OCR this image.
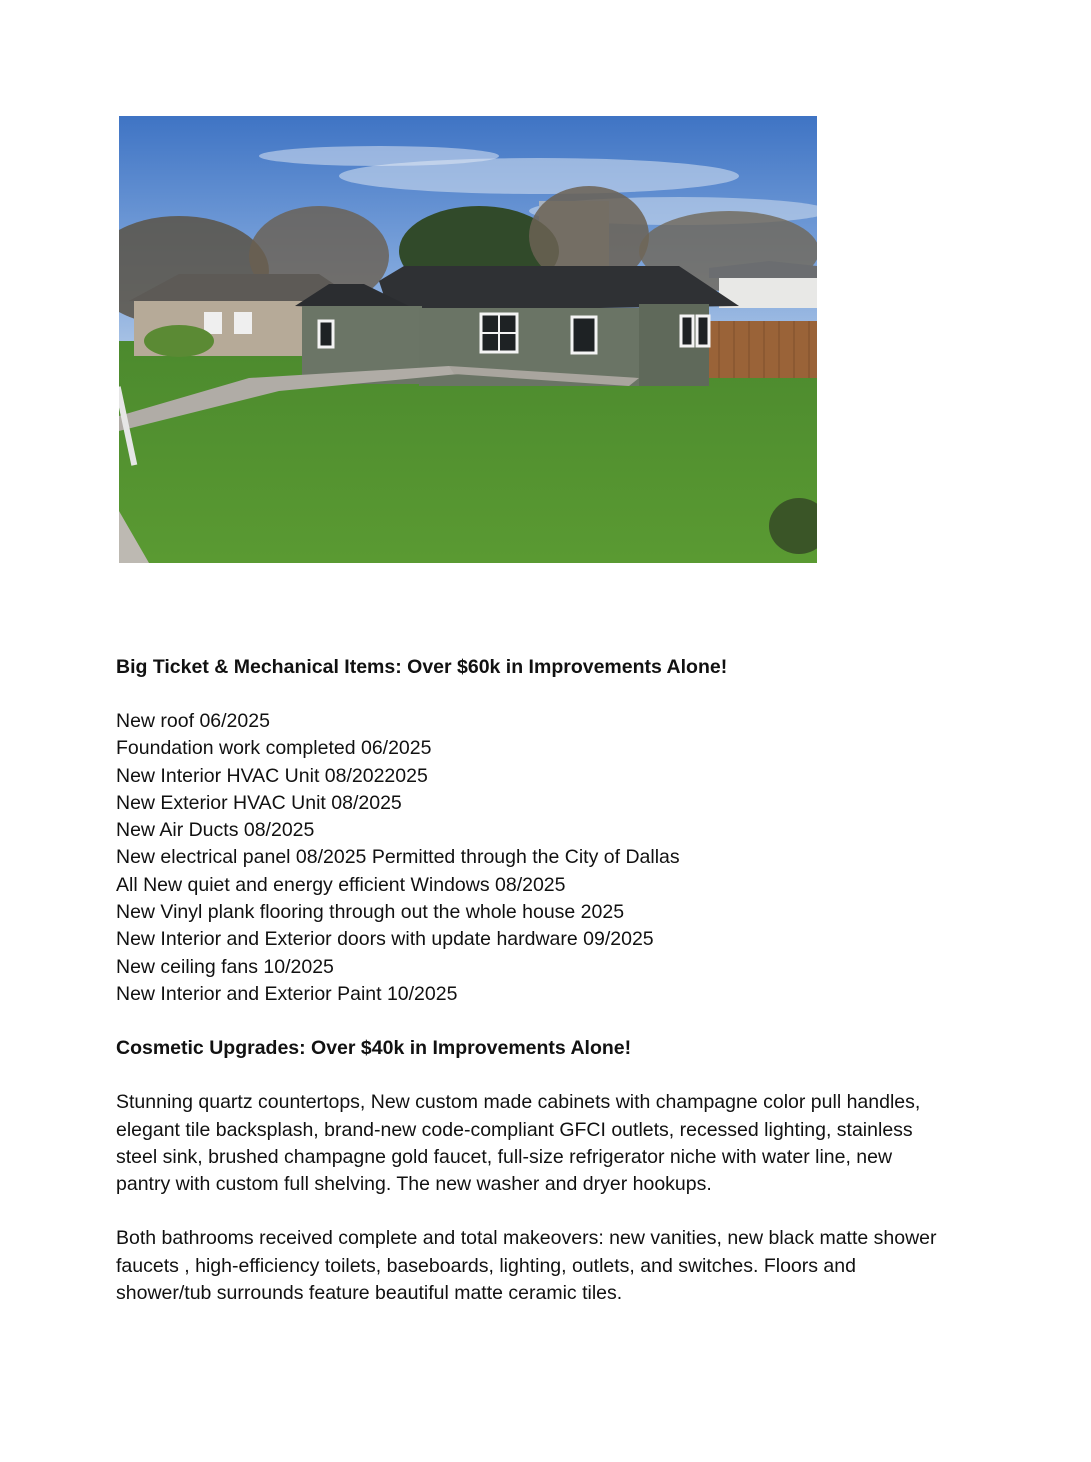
Big Ticket & Mechanical Items: Over $60k in Improvements Alone!

New roof 06/2025
Foundation work completed 06/2025
New Interior HVAC Unit 08/2022025
New Exterior HVAC Unit 08/2025
New Air Ducts 08/2025
New electrical panel 08/2025 Permitted through the City of Dallas
All New quiet and energy efficient Windows 08/2025
New Vinyl plank flooring through out the whole house 2025
New Interior and Exterior doors with update hardware 09/2025
New ceiling fans 10/2025
New Interior and Exterior Paint 10/2025

Cosmetic Upgrades: Over $40k in Improvements Alone!

Stunning quartz countertops, New custom made cabinets with champagne color pull handles,
elegant tile backsplash, brand-new code-compliant GFCI outlets, recessed lighting, stainless
steel sink, brushed champagne gold faucet, full-size refrigerator niche with water line, new
pantry with custom full shelving. The new washer and dryer hookups.

Both bathrooms received complete and total makeovers: new vanities, new black matte shower
faucets , high-efficiency toilets, baseboards, lighting, outlets, and switches. Floors and
shower/tub surrounds feature beautiful matte ceramic tiles.
